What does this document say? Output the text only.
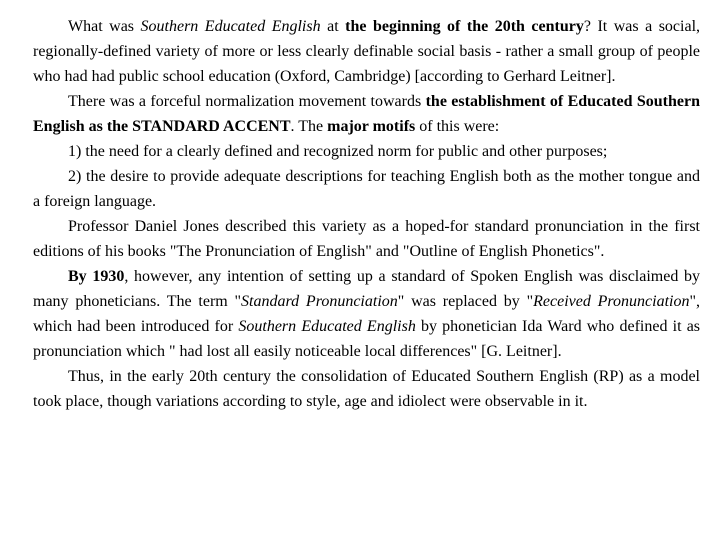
What was Southern Educated English at the beginning of the 20th century? It was a social, regionally-defined variety of more or less clearly definable social basis - rather a small group of people who had had public school education (Oxford, Cambridge) [according to Gerhard Leitner].

There was a forceful normalization movement towards the establishment of Educated Southern English as the STANDARD ACCENT. The major motifs of this were:

1) the need for a clearly defined and recognized norm for public and other purposes;

2) the desire to provide adequate descriptions for teaching English both as the mother tongue and a foreign language.

Professor Daniel Jones described this variety as a hoped-for standard pronunciation in the first editions of his books "The Pronunciation of English" and "Outline of English Phonetics".

By 1930, however, any intention of setting up a standard of Spoken English was disclaimed by many phoneticians. The term "Standard Pronunciation" was replaced by "Received Pronunciation", which had been introduced for Southern Educated English by phonetician Ida Ward who defined it as pronunciation which " had lost all easily noticeable local differences" [G. Leitner].

Thus, in the early 20th century the consolidation of Educated Southern English (RP) as a model took place, though variations according to style, age and idiolect were observable in it.
